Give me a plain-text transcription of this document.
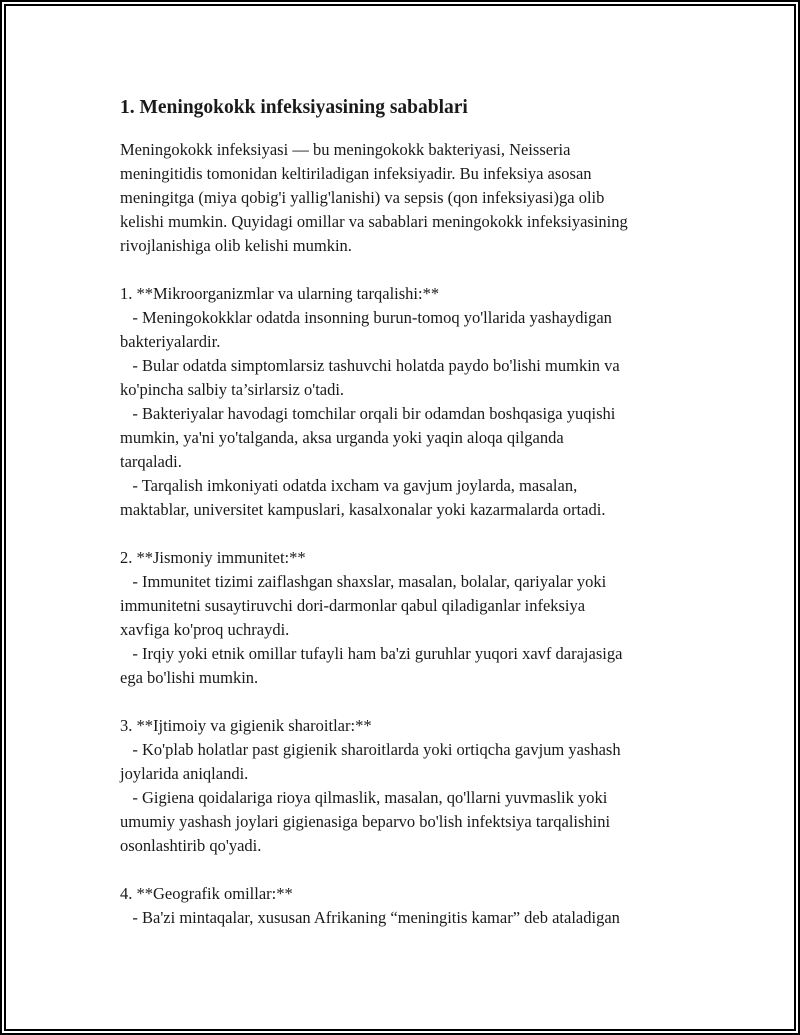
1. Meningokokk infeksiyasining sabablari

Meningokokk infeksiyasi — bu meningokokk bakteriyasi, Neisseria
meningitidis tomonidan keltiriladigan infeksiyadir. Bu infeksiya asosan
meningitga (miya qobig'i yallig'lanishi) va sepsis (qon infeksiyasi)ga olib
kelishi mumkin. Quyidagi omillar va sabablari meningokokk infeksiyasining
rivojlanishiga olib kelishi mumkin.

1. **Mikroorganizmlar va ularning tarqalishi:**
- Meningokokklar odatda insonning burun-tomoq yo'llarida yashaydigan
bakteriyalardir.
- Bular odatda simptomlarsiz tashuvchi holatda paydo bo'lishi mumkin va
ko'pincha salbiy ta’sirlarsiz o'tadi.
- Bakteriyalar havodagi tomchilar orqali bir odamdan boshqasiga yuqishi
mumkin, ya'ni yo'talganda, aksa urganda yoki yaqin aloqa qilganda
tarqaladi.
- Tarqalish imkoniyati odatda ixcham va gavjum joylarda, masalan,
maktablar, universitet kampuslari, kasalxonalar yoki kazarmalarda ortadi.

2. **Jismoniy immunitet:**
- Immunitet tizimi zaiflashgan shaxslar, masalan, bolalar, qariyalar yoki
immunitetni susaytiruvchi dori-darmonlar qabul qiladiganlar infeksiya
xavfiga ko'proq uchraydi.
- Irqiy yoki etnik omillar tufayli ham ba'zi guruhlar yuqori xavf darajasiga
ega bo'lishi mumkin.

3. **Ijtimoiy va gigienik sharoitlar:**
- Ko'plab holatlar past gigienik sharoitlarda yoki ortiqcha gavjum yashash
joylarida aniqlandi.
- Gigiena qoidalariga rioya qilmaslik, masalan, qo'llarni yuvmaslik yoki
umumiy yashash joylari gigienasiga beparvo bo'lish infektsiya tarqalishini
osonlashtirib qo'yadi.

4. **Geografik omillar:**
- Ba'zi mintaqalar, xususan Afrikaning “meningitis kamar” deb ataladigan
